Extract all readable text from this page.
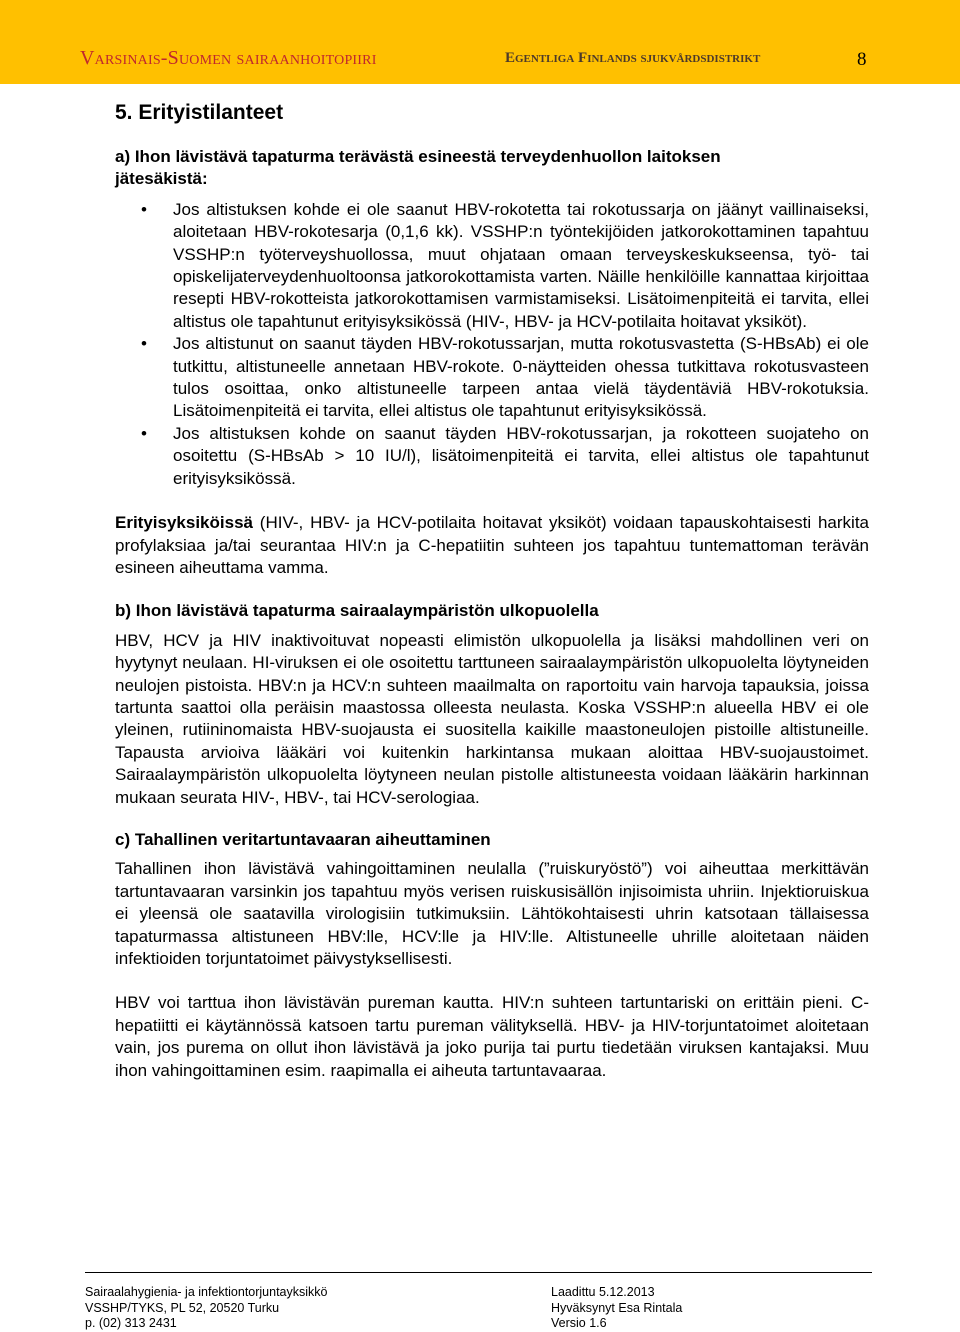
Varsinais-Suomen sairaanhoitopiiri	Egentliga Finlands sjukvårdsdistrikt	8
5. Erityistilanteet
a) Ihon lävistävä tapaturma terävästä esineestä terveydenhuollon laitoksen
jätesäkistä:
• Jos altistuksen kohde ei ole saanut HBV-rokotetta tai rokotussarja on jäänyt vaillinaiseksi, aloitetaan HBV-rokotesarja (0,1,6 kk). VSSHP:n työntekijöiden jatkorokottaminen tapahtuu VSSHP:n työterveyshuollossa, muut ohjataan omaan terveyskeskukseensa, työ- tai opiskelijaterveydenhuoltoonsa jatkorokottamista varten. Näille henkilöille kannattaa kirjoittaa resepti HBV-rokotteista jatkorokottamisen varmistamiseksi. Lisätoimenpiteitä ei tarvita, ellei altistus ole tapahtunut erityisyksikössä (HIV-, HBV- ja HCV-potilaita hoitavat yksiköt).
• Jos altistunut on saanut täyden HBV-rokotussarjan, mutta rokotusvastetta (S-HBsAb) ei ole tutkittu, altistuneelle annetaan HBV-rokote. 0-näytteiden ohessa tutkittava rokotusvasteen tulos osoittaa, onko altistuneelle tarpeen antaa vielä täydentäviä HBV-rokotuksia. Lisätoimenpiteitä ei tarvita, ellei altistus ole tapahtunut erityisyksikössä.
• Jos altistuksen kohde on saanut täyden HBV-rokotussarjan, ja rokotteen suojateho on osoitettu (S-HBsAb > 10 IU/l), lisätoimenpiteitä ei tarvita, ellei altistus ole tapahtunut erityisyksikössä.

Erityisyksiköissä (HIV-, HBV- ja HCV-potilaita hoitavat yksiköt) voidaan tapauskohtaisesti harkita profylaksiaa ja/tai seurantaa HIV:n ja C-hepatiitin suhteen jos tapahtuu tuntemattoman terävän esineen aiheuttama vamma.

b) Ihon lävistävä tapaturma sairaalaympäristön ulkopuolella

HBV, HCV ja HIV inaktivoituvat nopeasti elimistön ulkopuolella ja lisäksi mahdollinen veri on hyytynyt neulaan. HI-viruksen ei ole osoitettu tarttuneen sairaalaympäristön ulkopuolelta löytyneiden neulojen pistoista. HBV:n ja HCV:n suhteen maailmalta on raportoitu vain harvoja tapauksia, joissa tartunta saattoi olla peräisin maastossa olleesta neulasta. Koska VSSHP:n alueella HBV ei ole yleinen, rutiininomaista HBV-suojausta ei suositella kaikille maastoneulojen pistoille altistuneille. Tapausta arvioiva lääkäri voi kuitenkin harkintansa mukaan aloittaa HBV-suojaustoimet. Sairaalaympäristön ulkopuolelta löytyneen neulan pistolle altistuneesta voidaan lääkärin harkinnan mukaan seurata HIV-, HBV-, tai HCV-serologiaa.

c) Tahallinen veritartuntavaaran aiheuttaminen

Tahallinen ihon lävistävä vahingoittaminen neulalla (”ruiskuryöstö”) voi aiheuttaa merkittävän tartuntavaaran varsinkin jos tapahtuu myös verisen ruiskusisällön injisoimista uhriin. Injektioruiskua ei yleensä ole saatavilla virologisiin tutkimuksiin. Lähtökohtaisesti uhrin katsotaan tällaisessa tapaturmassa altistuneen HBV:lle, HCV:lle ja HIV:lle. Altistuneelle uhrille aloitetaan näiden infektioiden torjuntatoimet päivystyksellisesti.

HBV voi tarttua ihon lävistävän pureman kautta. HIV:n suhteen tartuntariski on erittäin pieni. C-hepatiitti ei käytännössä katsoen tartu pureman välityksellä. HBV- ja HIV-torjuntatoimet aloitetaan vain, jos purema on ollut ihon lävistävä ja joko purija tai purtu tiedetään viruksen kantajaksi. Muu ihon vahingoittaminen esim. raapimalla ei aiheuta tartuntavaaraa.

Sairaalahygienia- ja infektiontorjuntayksikkö
VSSHP/TYKS, PL 52, 20520 Turku
p. (02) 313 2431
Laadittu 5.12.2013
Hyväksynyt Esa Rintala
Versio 1.6
